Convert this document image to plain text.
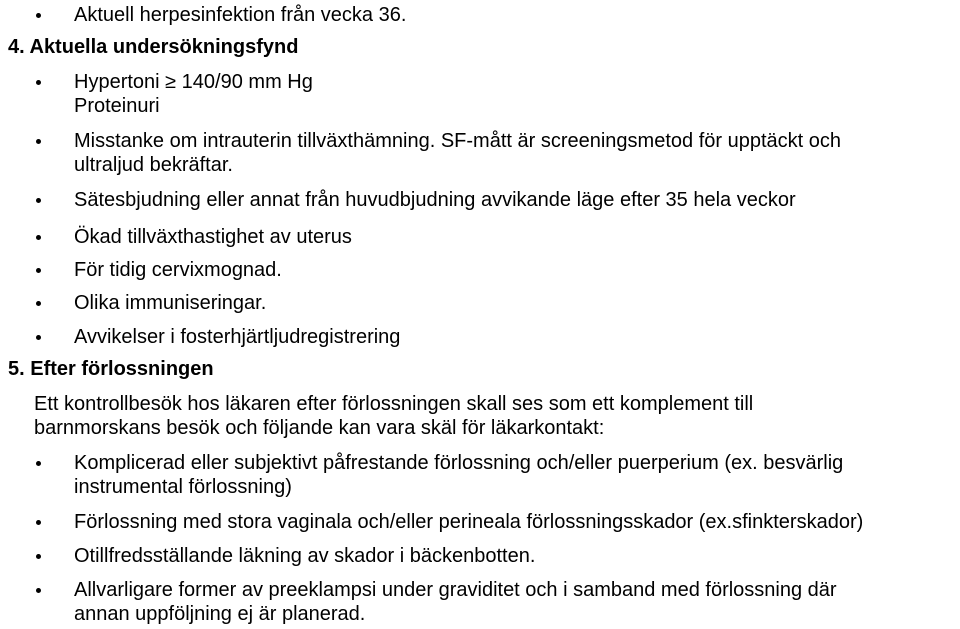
Aktuell herpesinfektion från vecka 36.
4. Aktuella undersökningsfynd
Hypertoni ≥ 140/90 mm Hg
Proteinuri
Misstanke om intrauterin tillväxthämning. SF-mått är screeningsmetod för upptäckt och
ultraljud bekräftar.
Sätesbjudning eller annat från huvudbjudning avvikande läge efter 35 hela veckor
Ökad tillväxthastighet av uterus
För tidig cervixmognad.
Olika immuniseringar.
Avvikelser i fosterhjärtljudregistrering
5. Efter förlossningen
Ett kontrollbesök hos läkaren efter förlossningen skall ses som ett komplement till
barnmorskans besök och följande kan vara skäl för läkarkontakt:
Komplicerad eller subjektivt påfrestande förlossning och/eller puerperium (ex. besvärlig
instrumental förlossning)
Förlossning med stora vaginala och/eller perineala förlossningsskador (ex.sfinkterskador)
Otillfredsställande läkning av skador i bäckenbotten.
Allvarligare former av preeklampsi under graviditet och i samband med förlossning där
annan uppföljning ej är planerad.
